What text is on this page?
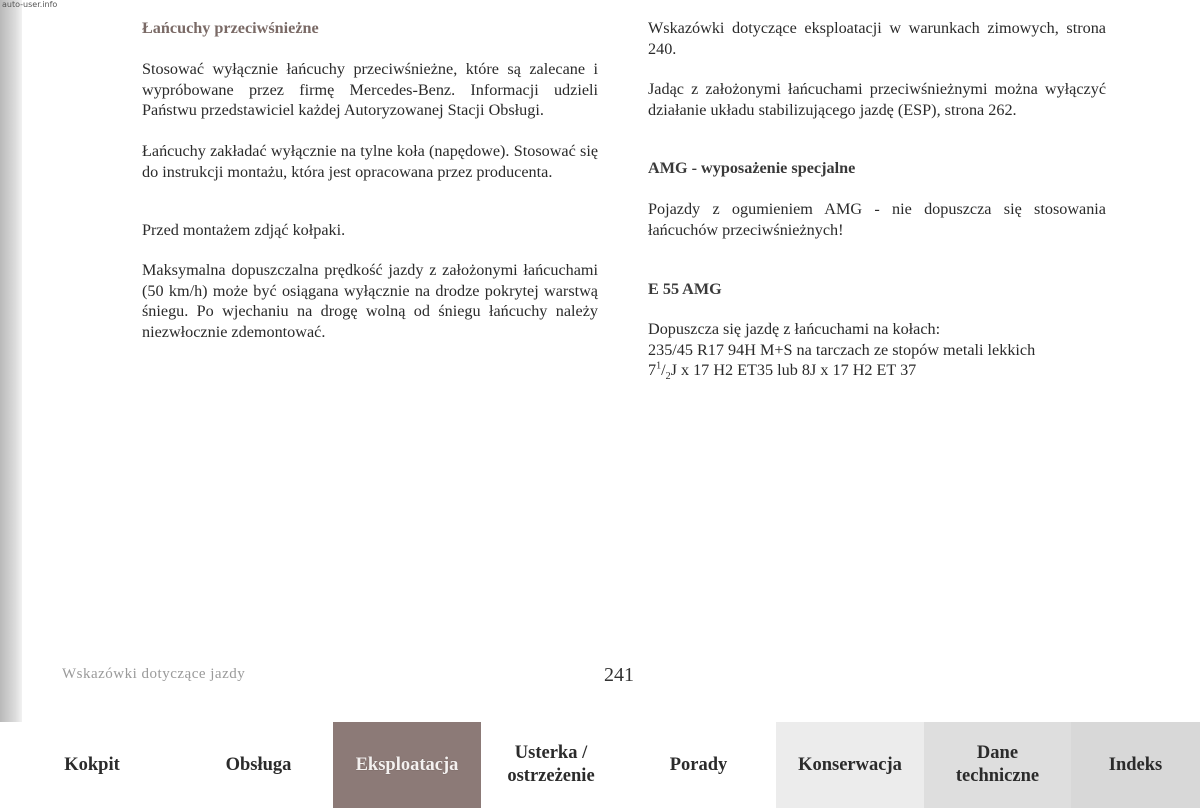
auto-user.info
Łańcuchy przeciwśnieżne

Stosować wyłącznie łańcuchy przeciwśnieżne, które są zalecane i wypróbowane przez firmę Mercedes-Benz. Informacji udzieli Państwu przedstawiciel każdej Autoryzowanej Stacji Obsługi.

Łańcuchy zakładać wyłącznie na tylne koła (napędowe). Stosować się do instrukcji montażu, która jest opracowana przez producenta.

Przed montażem zdjąć kołpaki.

Maksymalna dopuszczalna prędkość jazdy z założonymi łańcuchami (50 km/h) może być osiągana wyłącznie na drodze pokrytej warstwą śniegu. Po wjechaniu na drogę wolną od śniegu łańcuchy należy niezwłocznie zdemontować.

Wskazówki dotyczące eksploatacji w warunkach zimowych, strona 240.

Jadąc z założonymi łańcuchami przeciwśnieżnymi można wyłączyć działanie układu stabilizującego jazdę (ESP), strona 262.

AMG - wyposażenie specjalne

Pojazdy z ogumieniem AMG - nie dopuszcza się stosowania łańcuchów przeciwśnieżnych!

E 55 AMG

Dopuszcza się jazdę z łańcuchami na kołach:

235/45 R17 94H M+S na tarczach ze stopów metali lekkich

$7^1/_2J$ x 17 H2 ET35 lub 8J x 17 H2 ET 37

Wskazówki dotyczące jazdy	241
Kokpit	Obsługa	Eksploatacja
Usterka /
ostrzeżenie
Porady	Konserwacja
Dane
techniczne
Indeks
